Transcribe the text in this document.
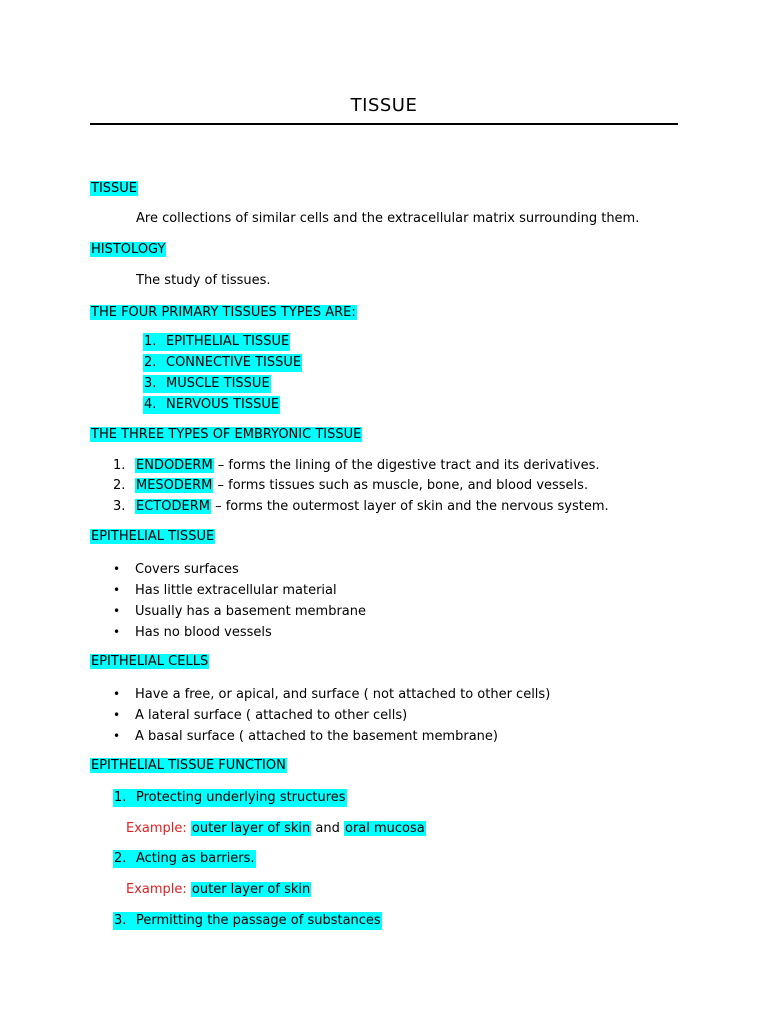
TISSUE
TISSUE
Are collections of similar cells and the extracellular matrix surrounding them.
HISTOLOGY
The study of tissues.
THE FOUR PRIMARY TISSUES TYPES ARE:
1. EPITHELIAL TISSUE
2. CONNECTIVE TISSUE
3. MUSCLE TISSUE
4. NERVOUS TISSUE
THE THREE TYPES OF EMBRYONIC TISSUE
1. ENDODERM – forms the lining of the digestive tract and its derivatives.
2. MESODERM – forms tissues such as muscle, bone, and blood vessels.
3. ECTODERM – forms the outermost layer of skin and the nervous system.
EPITHELIAL TISSUE
• Covers surfaces
• Has little extracellular material
• Usually has a basement membrane
• Has no blood vessels
EPITHELIAL CELLS
• Have a free, or apical, and surface ( not attached to other cells)
• A lateral surface ( attached to other cells)
• A basal surface ( attached to the basement membrane)
EPITHELIAL TISSUE FUNCTION
1. Protecting underlying structures
Example: outer layer of skin and oral mucosa
2. Acting as barriers.
Example: outer layer of skin
3. Permitting the passage of substances
